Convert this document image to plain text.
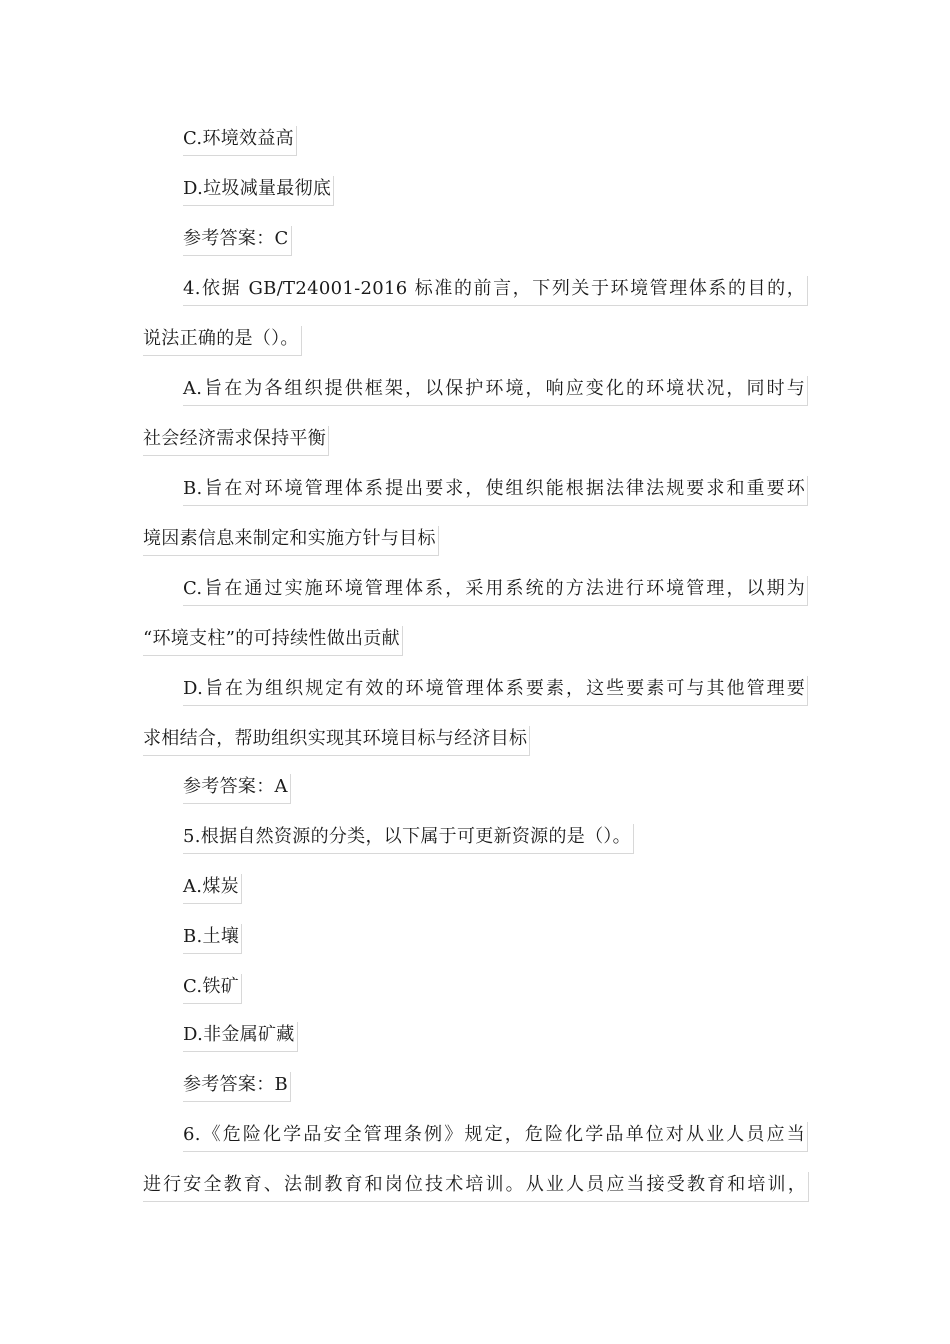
C.环境效益高
D.垃圾减量最彻底
参考答案：C
4.依据 GB/T24001-2016 标准的前言，下列关于环境管理体系的目的，
说法正确的是（）。
A.旨在为各组织提供框架，以保护环境，响应变化的环境状况，同时与
社会经济需求保持平衡
B.旨在对环境管理体系提出要求，使组织能根据法律法规要求和重要环
境因素信息来制定和实施方针与目标
C.旨在通过实施环境管理体系，采用系统的方法进行环境管理，以期为
“环境支柱”的可持续性做出贡献
D.旨在为组织规定有效的环境管理体系要素，这些要素可与其他管理要
求相结合，帮助组织实现其环境目标与经济目标
参考答案：A
5.根据自然资源的分类，以下属于可更新资源的是（）。
A.煤炭
B.土壤
C.铁矿
D.非金属矿藏
参考答案：B
6.《危险化学品安全管理条例》规定，危险化学品单位对从业人员应当
进行安全教育、法制教育和岗位技术培训。从业人员应当接受教育和培训，
